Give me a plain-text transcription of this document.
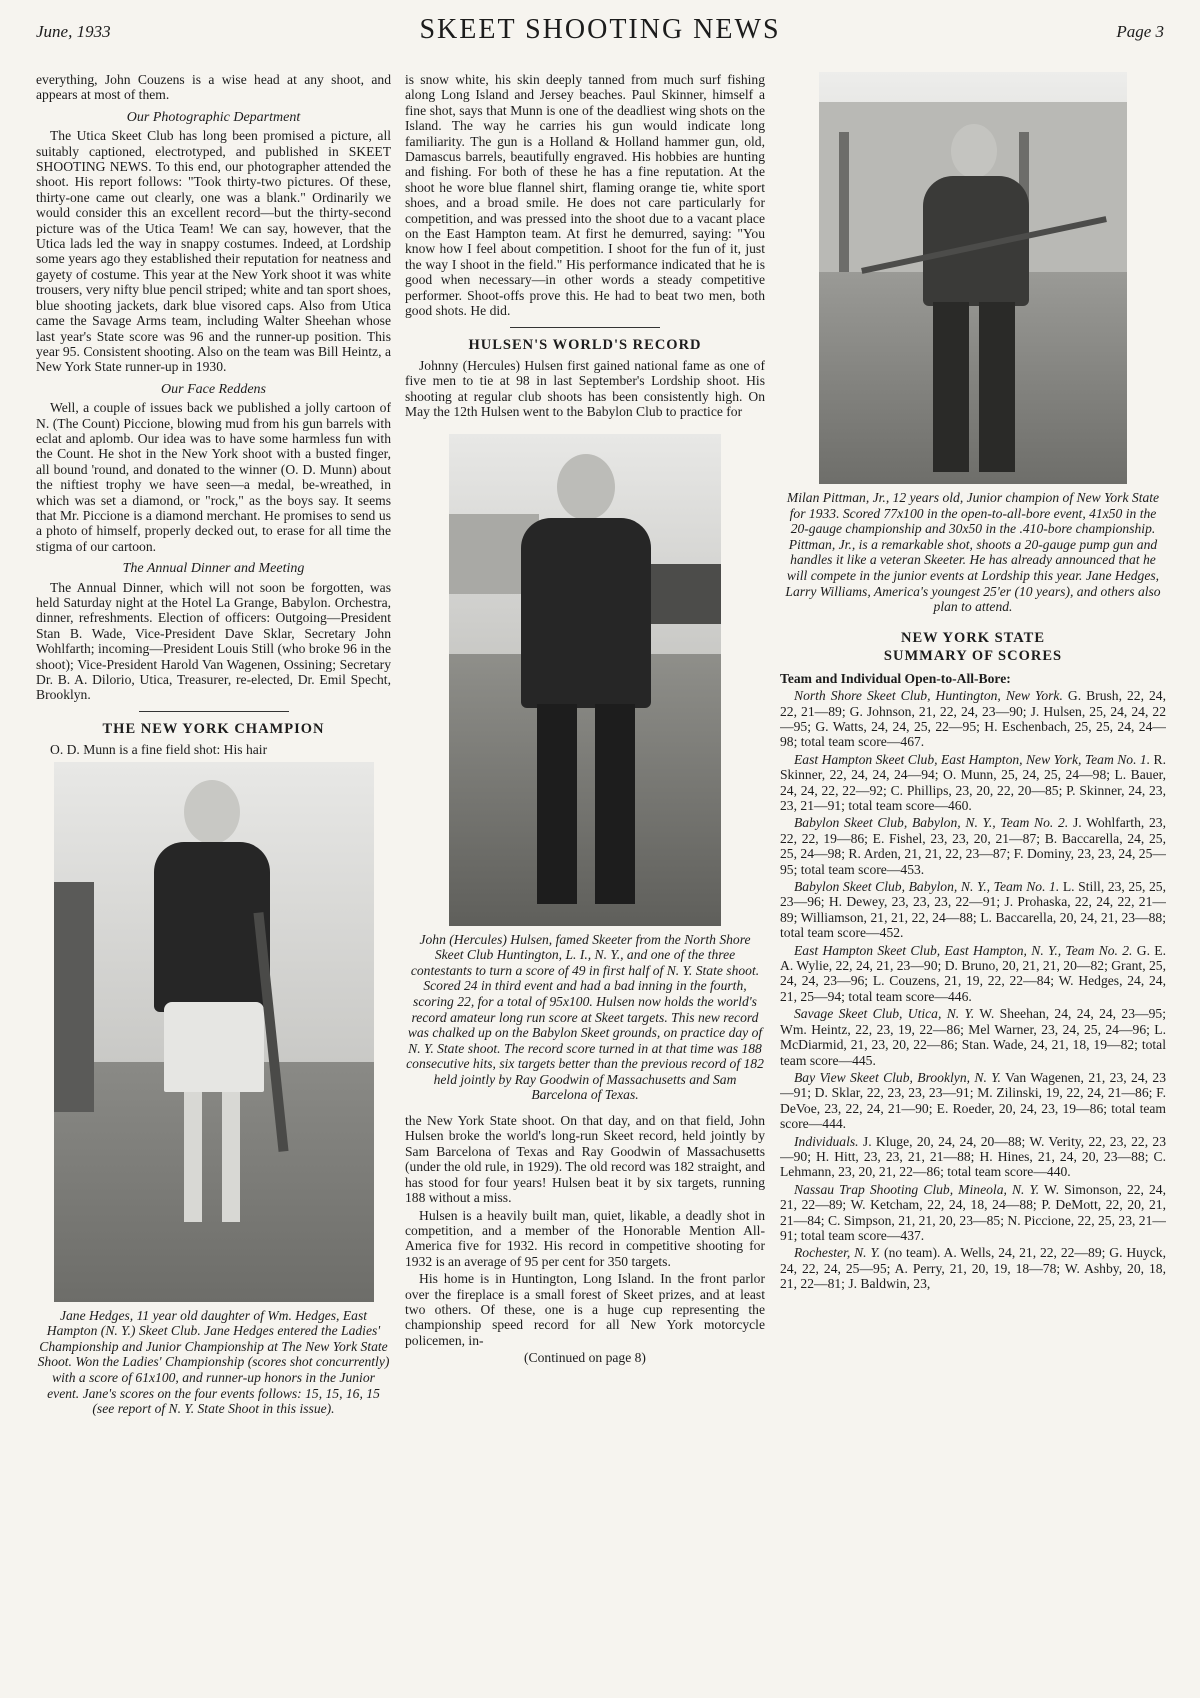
June, 1933	SKEET SHOOTING NEWS	Page 3

everything, John Couzens is a wise head at any shoot, and appears at most of them.

Our Photographic Department

The Utica Skeet Club has long been promised a picture, all suitably captioned, electrotyped, and published in SKEET SHOOTING NEWS. To this end, our photographer attended the shoot. His report follows: "Took thirty-two pictures. Of these, thirty-one came out clearly, one was a blank." Ordinarily we would consider this an excellent record—but the thirty-second picture was of the Utica Team! We can say, however, that the Utica lads led the way in snappy costumes. Indeed, at Lordship some years ago they established their reputation for neatness and gayety of costume. This year at the New York shoot it was white trousers, very nifty blue pencil striped; white and tan sport shoes, blue shooting jackets, dark blue visored caps. Also from Utica came the Savage Arms team, including Walter Sheehan whose last year's State score was 96 and the runner-up position. This year 95. Consistent shooting. Also on the team was Bill Heintz, a New York State runner-up in 1930.

Our Face Reddens

Well, a couple of issues back we published a jolly cartoon of N. (The Count) Piccione, blowing mud from his gun barrels with eclat and aplomb. Our idea was to have some harmless fun with the Count. He shot in the New York shoot with a busted finger, all bound 'round, and donated to the winner (O. D. Munn) about the niftiest trophy we have seen—a medal, be-wreathed, in which was set a diamond, or "rock," as the boys say. It seems that Mr. Piccione is a diamond merchant. He promises to send us a photo of himself, properly decked out, to erase for all time the stigma of our cartoon.

The Annual Dinner and Meeting

The Annual Dinner, which will not soon be forgotten, was held Saturday night at the Hotel La Grange, Babylon. Orchestra, dinner, refreshments. Election of officers: Outgoing—President Stan B. Wade, Vice-President Dave Sklar, Secretary John Wohlfarth; incoming—President Louis Still (who broke 96 in the shoot); Vice-President Harold Van Wagenen, Ossining; Secretary Dr. B. A. Dilorio, Utica, Treasurer, re-elected, Dr. Emil Specht, Brooklyn.

THE NEW YORK CHAMPION

O. D. Munn is a fine field shot: His hair

Jane Hedges, 11 year old daughter of Wm. Hedges, East Hampton (N. Y.) Skeet Club. Jane Hedges entered the Ladies' Championship and Junior Championship at The New York State Shoot. Won the Ladies' Championship (scores shot concurrently) with a score of 61x100, and runner-up honors in the Junior event. Jane's scores on the four events follows: 15, 15, 16, 15 (see report of N. Y. State Shoot in this issue).

is snow white, his skin deeply tanned from much surf fishing along Long Island and Jersey beaches. Paul Skinner, himself a fine shot, says that Munn is one of the deadliest wing shots on the Island. The way he carries his gun would indicate long familiarity. The gun is a Holland & Holland hammer gun, old, Damascus barrels, beautifully engraved. His hobbies are hunting and fishing. For both of these he has a fine reputation. At the shoot he wore blue flannel shirt, flaming orange tie, white sport shoes, and a broad smile. He does not care particularly for competition, and was pressed into the shoot due to a vacant place on the East Hampton team. At first he demurred, saying: "You know how I feel about competition. I shoot for the fun of it, just the way I shoot in the field." His performance indicated that he is good when necessary—in other words a steady competitive performer. Shoot-offs prove this. He had to beat two men, both good shots. He did.

HULSEN'S WORLD'S RECORD

Johnny (Hercules) Hulsen first gained national fame as one of five men to tie at 98 in last September's Lordship shoot. His shooting at regular club shoots has been consistently high. On May the 12th Hulsen went to the Babylon Club to practice for

John (Hercules) Hulsen, famed Skeeter from the North Shore Skeet Club Huntington, L. I., N. Y., and one of the three contestants to turn a score of 49 in first half of N. Y. State shoot. Scored 24 in third event and had a bad inning in the fourth, scoring 22, for a total of 95x100. Hulsen now holds the world's record amateur long run score at Skeet targets. This new record was chalked up on the Babylon Skeet grounds, on practice day of N. Y. State shoot. The record score turned in at that time was 188 consecutive hits, six targets better than the previous record of 182 held jointly by Ray Goodwin of Massachusetts and Sam Barcelona of Texas.

the New York State shoot. On that day, and on that field, John Hulsen broke the world's long-run Skeet record, held jointly by Sam Barcelona of Texas and Ray Goodwin of Massachusetts (under the old rule, in 1929). The old record was 182 straight, and has stood for four years! Hulsen beat it by six targets, running 188 without a miss.

Hulsen is a heavily built man, quiet, likable, a deadly shot in competition, and a member of the Honorable Mention All-America five for 1932. His record in competitive shooting for 1932 is an average of 95 per cent for 350 targets.

His home is in Huntington, Long Island. In the front parlor over the fireplace is a small forest of Skeet prizes, and at least two others. Of these, one is a huge cup representing the championship speed record for all New York motorcycle policemen, in-

(Continued on page 8)
Milan Pittman, Jr., 12 years old, Junior champion of New York State for 1933. Scored 77x100 in the open-to-all-bore event, 41x50 in the 20-gauge championship and 30x50 in the .410-bore championship. Pittman, Jr., is a remarkable shot, shoots a 20-gauge pump gun and handles it like a veteran Skeeter. He has already announced that he will compete in the junior events at Lordship this year. Jane Hedges, Larry Williams, America's youngest 25'er (10 years), and others also plan to attend.
NEW YORK STATE
SUMMARY OF SCORES

Team and Individual Open-to-All-Bore:

North Shore Skeet Club, Huntington, New York. G. Brush, 22, 24, 22, 21—89; G. Johnson, 21, 22, 24, 23—90; J. Hulsen, 25, 24, 24, 22—95; G. Watts, 24, 24, 25, 22—95; H. Eschenbach, 25, 25, 24, 24—98; total team score—467.

East Hampton Skeet Club, East Hampton, New York, Team No. 1. R. Skinner, 22, 24, 24, 24—94; O. Munn, 25, 24, 25, 24—98; L. Bauer, 24, 24, 22, 22—92; C. Phillips, 23, 20, 22, 20—85; P. Skinner, 24, 23, 23, 21—91; total team score—460.

Babylon Skeet Club, Babylon, N. Y., Team No. 2. J. Wohlfarth, 23, 22, 22, 19—86; E. Fishel, 23, 23, 20, 21—87; B. Baccarella, 24, 25, 25, 24—98; R. Arden, 21, 21, 22, 23—87; F. Dominy, 23, 23, 24, 25—95; total team score—453.

Babylon Skeet Club, Babylon, N. Y., Team No. 1. L. Still, 23, 25, 25, 23—96; H. Dewey, 23, 23, 23, 22—91; J. Prohaska, 22, 24, 22, 21—89; Williamson, 21, 21, 22, 24—88; L. Baccarella, 20, 24, 21, 23—88; total team score—452.

East Hampton Skeet Club, East Hampton, N. Y., Team No. 2. G. E. A. Wylie, 22, 24, 21, 23—90; D. Bruno, 20, 21, 21, 20—82; Grant, 25, 24, 24, 23—96; L. Couzens, 21, 19, 22, 22—84; W. Hedges, 24, 24, 21, 25—94; total team score—446.

Savage Skeet Club, Utica, N. Y. W. Sheehan, 24, 24, 24, 23—95; Wm. Heintz, 22, 23, 19, 22—86; Mel Warner, 23, 24, 25, 24—96; L. McDiarmid, 21, 23, 20, 22—86; Stan. Wade, 24, 21, 18, 19—82; total team score—445.

Bay View Skeet Club, Brooklyn, N. Y. Van Wagenen, 21, 23, 24, 23—91; D. Sklar, 22, 23, 23, 23—91; M. Zilinski, 19, 22, 24, 21—86; F. DeVoe, 23, 22, 24, 21—90; E. Roeder, 20, 24, 23, 19—86; total team score—444.

Individuals. J. Kluge, 20, 24, 24, 20—88; W. Verity, 22, 23, 22, 23—90; H. Hitt, 23, 23, 21, 21—88; H. Hines, 21, 24, 20, 23—88; C. Lehmann, 23, 20, 21, 22—86; total team score—440.

Nassau Trap Shooting Club, Mineola, N. Y. W. Simonson, 22, 24, 21, 22—89; W. Ketcham, 22, 24, 18, 24—88; P. DeMott, 22, 20, 21, 21—84; C. Simpson, 21, 21, 20, 23—85; N. Piccione, 22, 25, 23, 21—91; total team score—437.

Rochester, N. Y. (no team). A. Wells, 24, 21, 22, 22—89; G. Huyck, 24, 22, 24, 25—95; A. Perry, 21, 20, 19, 18—78; W. Ashby, 20, 18, 21, 22—81; J. Baldwin, 23,
